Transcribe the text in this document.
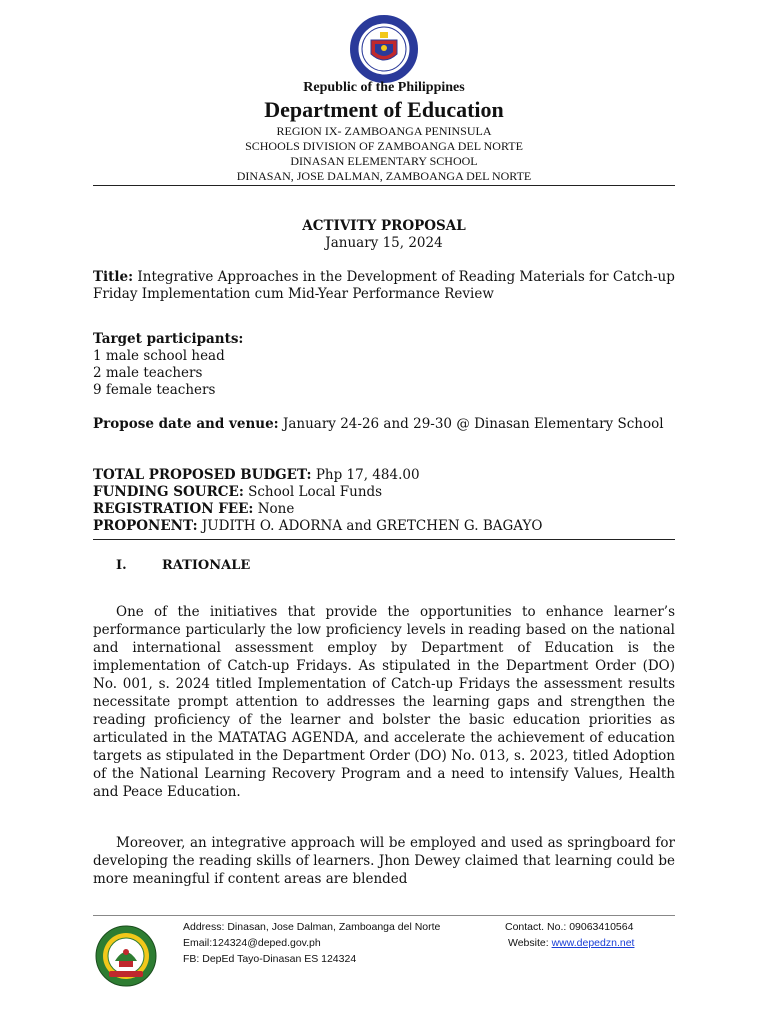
Republic of the Philippines
Department of Education
REGION IX- ZAMBOANGA PENINSULA
SCHOOLS DIVISION OF ZAMBOANGA DEL NORTE
DINASAN ELEMENTARY SCHOOL
DINASAN, JOSE DALMAN, ZAMBOANGA DEL NORTE
ACTIVITY PROPOSAL
January 15, 2024
Title: Integrative Approaches in the Development of Reading Materials for Catch-up Friday Implementation cum Mid-Year Performance Review
Target participants:
1 male school head
2 male teachers
9 female teachers
Propose date and venue: January 24-26 and 29-30 @ Dinasan Elementary School
TOTAL PROPOSED BUDGET: Php 17, 484.00
FUNDING SOURCE: School Local Funds
REGISTRATION FEE: None
PROPONENT: JUDITH O. ADORNA and GRETCHEN G. BAGAYO
I.	RATIONALE
One of the initiatives that provide the opportunities to enhance learner’s performance particularly the low proficiency levels in reading based on the national and international assessment employ by Department of Education is the implementation of Catch-up Fridays. As stipulated in the Department Order (DO) No. 001, s. 2024 titled Implementation of Catch-up Fridays the assessment results necessitate prompt attention to addresses the learning gaps and strengthen the reading proficiency of the learner and bolster the basic education priorities as articulated in the MATATAG AGENDA, and accelerate the achievement of education targets as stipulated in the Department Order (DO) No. 013, s. 2023, titled Adoption of the National Learning Recovery Program and a need to intensify Values, Health and Peace Education.
Moreover, an integrative approach will be employed and used as springboard for developing the reading skills of learners. Jhon Dewey claimed that learning could be more meaningful if content areas are blended
Address: Dinasan, Jose Dalman, Zamboanga del Norte
Email:124324@deped.gov.ph
FB: DepEd Tayo-Dinasan ES 124324
Contact. No.: 09063410564
Website: www.depedzn.net
